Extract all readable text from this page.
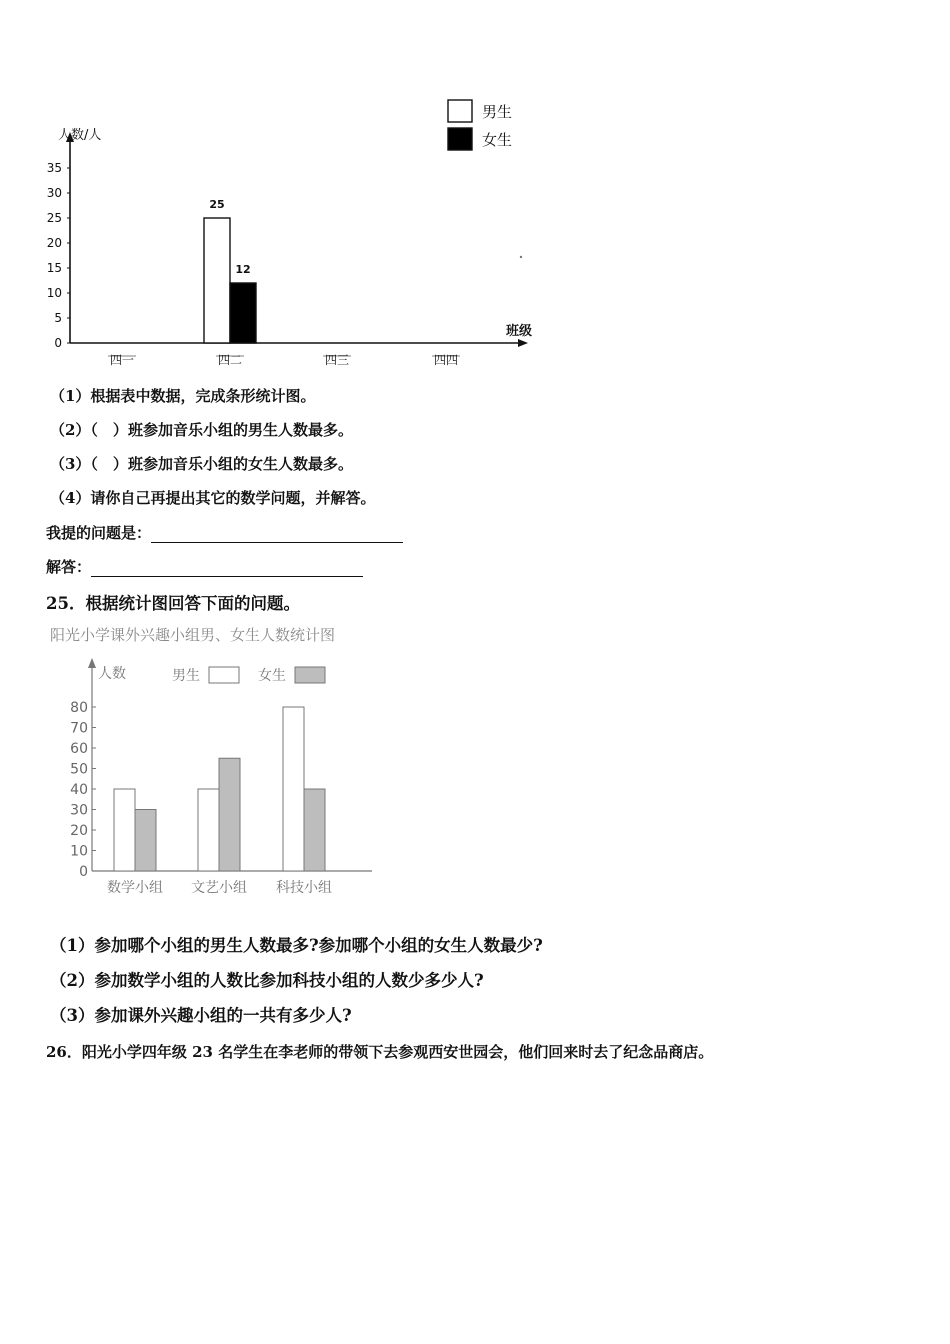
0
5
10
15
20
25
30
35
人数/人
班级
四一	四二	四三	四四
25
12
男生
女生
（1）根据表中数据，完成条形统计图。
（2）（　）班参加音乐小组的男生人数最多。
（3）（　）班参加音乐小组的女生人数最多。
（4）请你自己再提出其它的数学问题，并解答。
我提的问题是：
解答：
25．根据统计图回答下面的问题。
阳光小学课外兴趣小组男、女生人数统计图
人数
0
10
20
30
40
50
60
70
80
男生	女生
数学小组 文艺小组 科技小组
（1）参加哪个小组的男生人数最多?参加哪个小组的女生人数最少?
（2）参加数学小组的人数比参加科技小组的人数少多少人?
（3）参加课外兴趣小组的一共有多少人?
26．阳光小学四年级 23 名学生在李老师的带领下去参观西安世园会，他们回来时去了纪念品商店。
